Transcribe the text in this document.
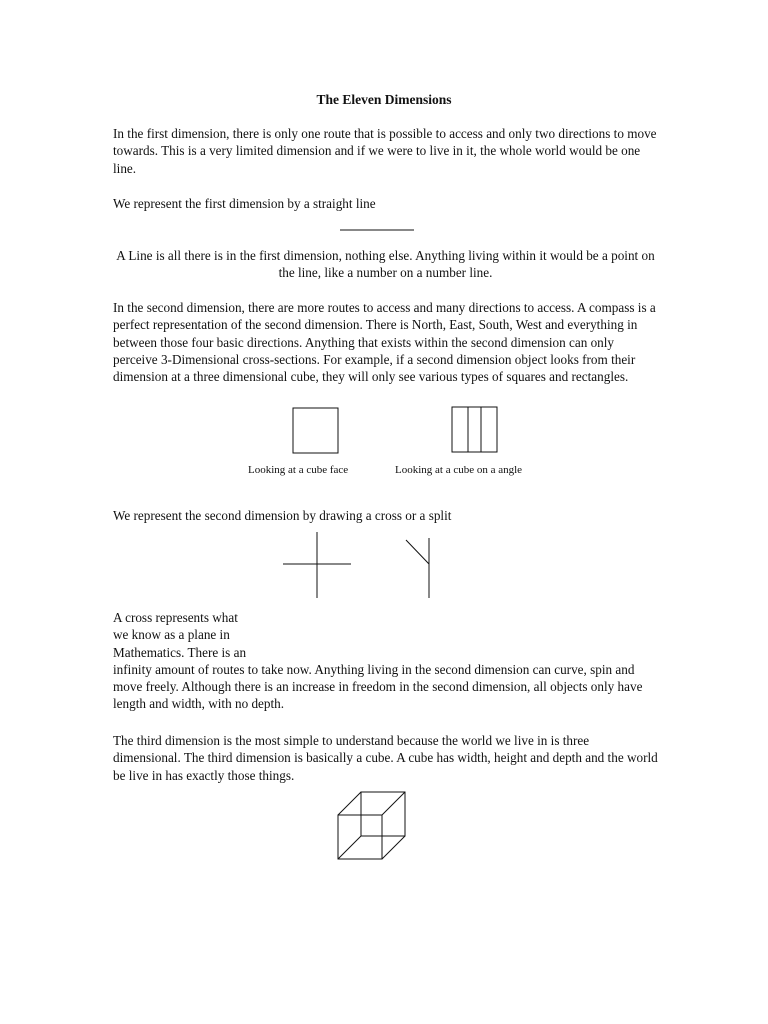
The Eleven Dimensions

In the first dimension, there is only one route that is possible to access and only two directions to move towards. This is a very limited dimension and if we were to live in it, the whole world would be one line.

We represent the first dimension by a straight line

A Line is all there is in the first dimension, nothing else. Anything living within it would be a point on the line, like a number on a number line.

In the second dimension, there are more routes to access and many directions to access. A compass is a perfect representation of the second dimension. There is North, East, South, West and everything in between those four basic directions. Anything that exists within the second dimension can only perceive 3-Dimensional cross-sections. For example, if a second dimension object looks from their dimension at a three dimensional cube, they will only see various types of squares and rectangles.

Looking at a cube face	Looking at a cube on a angle

We represent the second dimension by drawing a cross or a split

A cross represents what
we know as a plane in
Mathematics. There is an
infinity amount of routes to take now. Anything living in the second dimension can curve, spin and move freely. Although there is an increase in freedom in the second dimension, all objects only have length and width, with no depth.

The third dimension is the most simple to understand because the world we live in is three dimensional. The third dimension is basically a cube. A cube has width, height and depth and the world be live in has exactly those things.
